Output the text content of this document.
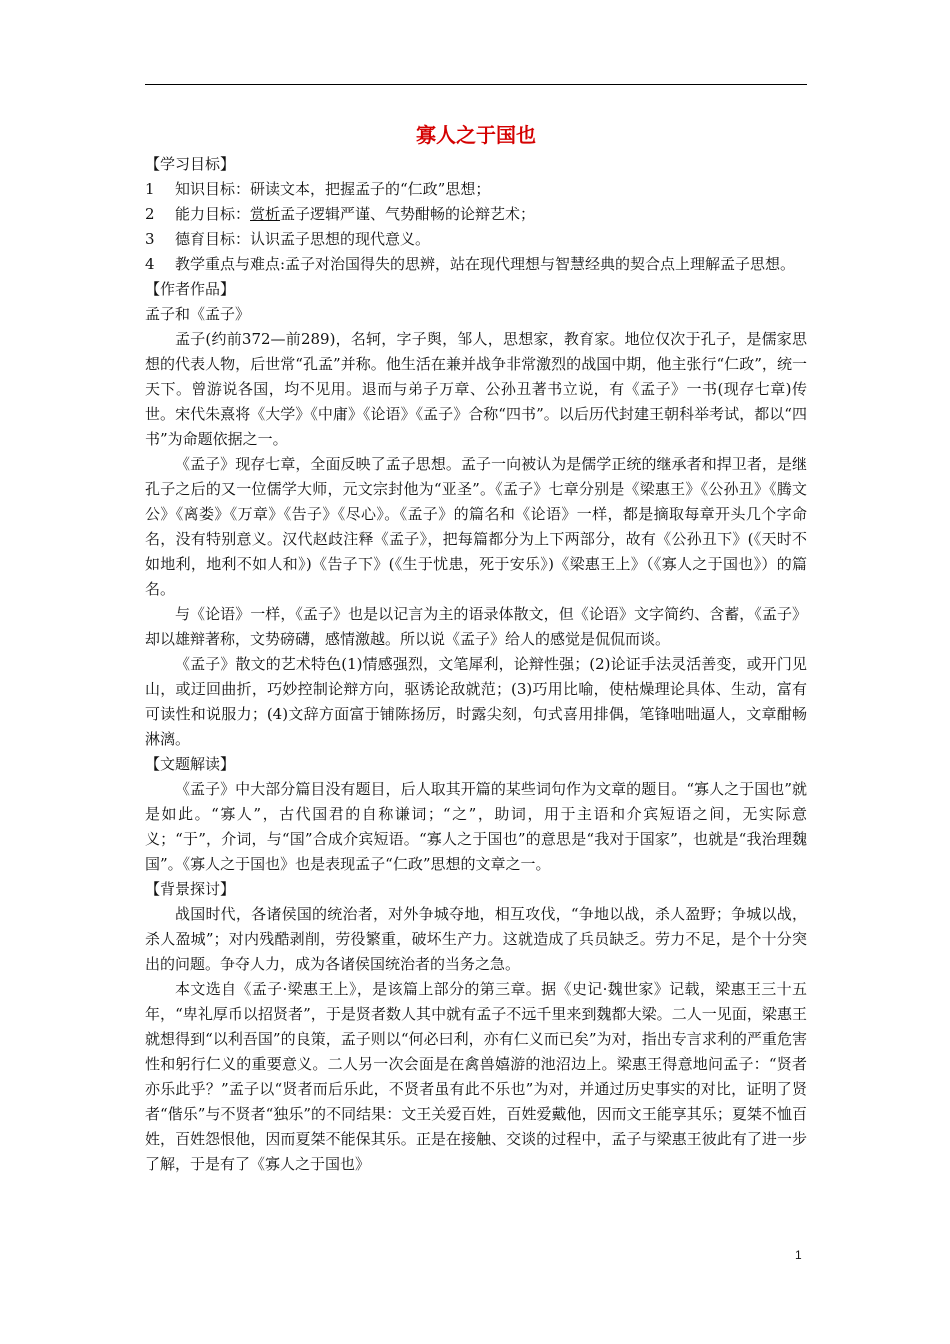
寡人之于国也
【学习目标】
1	知识目标：研读文本，把握孟子的“仁政”思想；
2	能力目标：赏析孟子逻辑严谨、气势酣畅的论辩艺术；
3	德育目标：认识孟子思想的现代意义。
4	教学重点与难点:孟子对治国得失的思辨，站在现代理想与智慧经典的契合点上理解孟子思想。
【作者作品】
孟子和《孟子》

孟子(约前372—前289)，名轲，字子舆，邹人，思想家，教育家。地位仅次于孔子，是儒家思想的代表人物，后世常“孔孟”并称。他生活在兼并战争非常激烈的战国中期，他主张行“仁政”，统一天下。曾游说各国，均不见用。退而与弟子万章、公孙丑著书立说，有《孟子》一书(现存七章)传世。宋代朱熹将《大学》《中庸》《论语》《孟子》合称“四书”。以后历代封建王朝科举考试，都以“四书”为命题依据之一。

《孟子》现存七章，全面反映了孟子思想。孟子一向被认为是儒学正统的继承者和捍卫者，是继孔子之后的又一位儒学大师，元文宗封他为“亚圣”。《孟子》七章分别是《梁惠王》《公孙丑》《腾文公》《离娄》《万章》《告子》《尽心》。《孟子》的篇名和《论语》一样，都是摘取每章开头几个字命名，没有特别意义。汉代赵歧注释《孟子》，把每篇都分为上下两部分，故有《公孙丑下》(《天时不如地利，地利不如人和》)《告子下》(《生于忧患，死于安乐》)《梁惠王上》（《寡人之于国也》）的篇名。

与《论语》一样，《孟子》也是以记言为主的语录体散文，但《论语》文字简约、含蓄，《孟子》却以雄辩著称，文势磅礴，感情激越。所以说《孟子》给人的感觉是侃侃而谈。

《孟子》散文的艺术特色(1)情感强烈，文笔犀利，论辩性强；(2)论证手法灵活善变，或开门见山，或迂回曲折，巧妙控制论辩方向，驱诱论敌就范；(3)巧用比喻，使枯燥理论具体、生动，富有可读性和说服力；(4)文辞方面富于铺陈扬厉，时露尖刻，句式喜用排偶，笔锋咄咄逼人，文章酣畅淋漓。

【文题解读】

《孟子》中大部分篇目没有题目，后人取其开篇的某些词句作为文章的题目。“寡人之于国也”就是如此。“寡人”，古代国君的自称谦词；“之”，助词，用于主语和介宾短语之间，无实际意义；“于”，介词，与“国”合成介宾短语。“寡人之于国也”的意思是“我对于国家”，也就是“我治理魏国”。《寡人之于国也》也是表现孟子“仁政”思想的文章之一。

【背景探讨】

战国时代，各诸侯国的统治者，对外争城夺地，相互攻伐，“争地以战，杀人盈野；争城以战，杀人盈城”；对内残酷剥削，劳役繁重，破坏生产力。这就造成了兵员缺乏。劳力不足，是个十分突出的问题。争夺人力，成为各诸侯国统治者的当务之急。

本文选自《孟子·梁惠王上》，是该篇上部分的第三章。据《史记·魏世家》记载，梁惠王三十五年，“卑礼厚币以招贤者”，于是贤者数人其中就有孟子不远千里来到魏都大梁。二人一见面，梁惠王就想得到“以利吾国”的良策，孟子则以“何必曰利，亦有仁义而已矣”为对，指出专言求利的严重危害性和躬行仁义的重要意义。二人另一次会面是在禽兽嬉游的池沼边上。梁惠王得意地问孟子：“贤者亦乐此乎？”孟子以“贤者而后乐此，不贤者虽有此不乐也”为对，并通过历史事实的对比，证明了贤者“偕乐”与不贤者“独乐”的不同结果：文王关爱百姓，百姓爱戴他，因而文王能享其乐；夏桀不恤百姓，百姓怨恨他，因而夏桀不能保其乐。正是在接触、交谈的过程中，孟子与梁惠王彼此有了进一步了解，于是有了《寡人之于国也》

1
